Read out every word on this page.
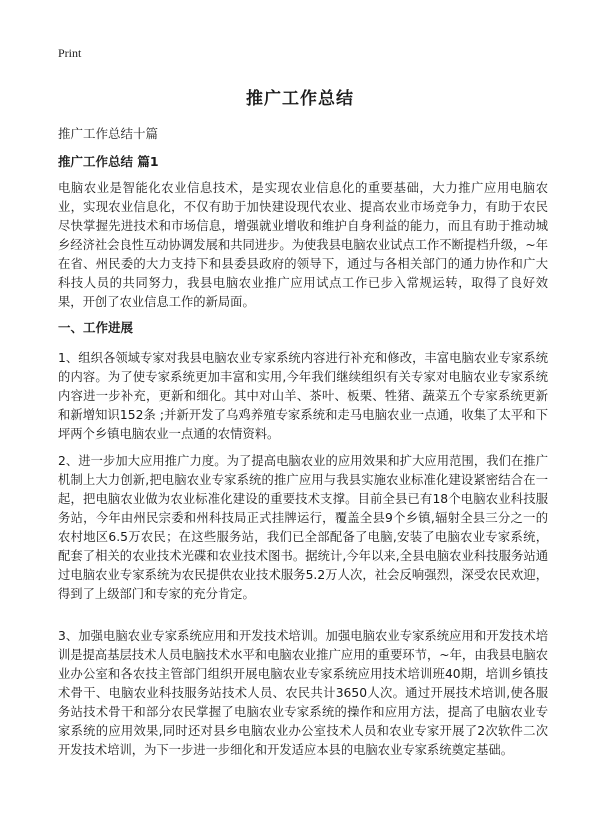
Print
推广工作总结
推广工作总结十篇
推广工作总结 篇1

电脑农业是智能化农业信息技术，是实现农业信息化的重要基础，大力推广应用电脑农业，实现农业信息化，不仅有助于加快建设现代农业、提高农业市场竞争力，有助于农民尽快掌握先进技术和市场信息，增强就业增收和维护自身利益的能力，而且有助于推动城乡经济社会良性互动协调发展和共同进步。为使我县电脑农业试点工作不断提档升级，~年在省、州民委的大力支持下和县委县政府的领导下，通过与各相关部门的通力协作和广大科技人员的共同努力，我县电脑农业推广应用试点工作已步入常规运转，取得了良好效果，开创了农业信息工作的新局面。

一、工作进展

1、组织各领域专家对我县电脑农业专家系统内容进行补充和修改，丰富电脑农业专家系统的内容。为了使专家系统更加丰富和实用,今年我们继续组织有关专家对电脑农业专家系统内容进一步补充，更新和细化。其中对山羊、茶叶、板栗、牲猪、蔬菜五个专家系统更新和新增知识152条 ;并新开发了乌鸡养殖专家系统和走马电脑农业一点通，收集了太平和下坪两个乡镇电脑农业一点通的农情资料。

2、进一步加大应用推广力度。为了提高电脑农业的应用效果和扩大应用范围，我们在推广机制上大力创新,把电脑农业专家系统的推广应用与我县实施农业标准化建设紧密结合在一起，把电脑农业做为农业标准化建设的重要技术支撑。目前全县已有18个电脑农业科技服务站，今年由州民宗委和州科技局正式挂牌运行，覆盖全县9个乡镇,辐射全县三分之一的农村地区6.5万农民；在这些服务站，我们已全部配备了电脑,安装了电脑农业专家系统，配套了相关的农业技术光碟和农业技术图书。据统计,今年以来,全县电脑农业科技服务站通过电脑农业专家系统为农民提供农业技术服务5.2万人次，社会反响强烈，深受农民欢迎，得到了上级部门和专家的充分肯定。

3、加强电脑农业专家系统应用和开发技术培训。加强电脑农业专家系统应用和开发技术培训是提高基层技术人员电脑技术水平和电脑农业推广应用的重要环节，~年，由我县电脑农业办公室和各农技主管部门组织开展电脑农业专家系统应用技术培训班40期，培训乡镇技术骨干、电脑农业科技服务站技术人员、农民共计3650人次。通过开展技术培训,使各服务站技术骨干和部分农民掌握了电脑农业专家系统的操作和应用方法，提高了电脑农业专家系统的应用效果,同时还对县乡电脑农业办公室技术人员和农业专家开展了2次软件二次开发技术培训，为下一步进一步细化和开发适应本县的电脑农业专家系统奠定基础。
